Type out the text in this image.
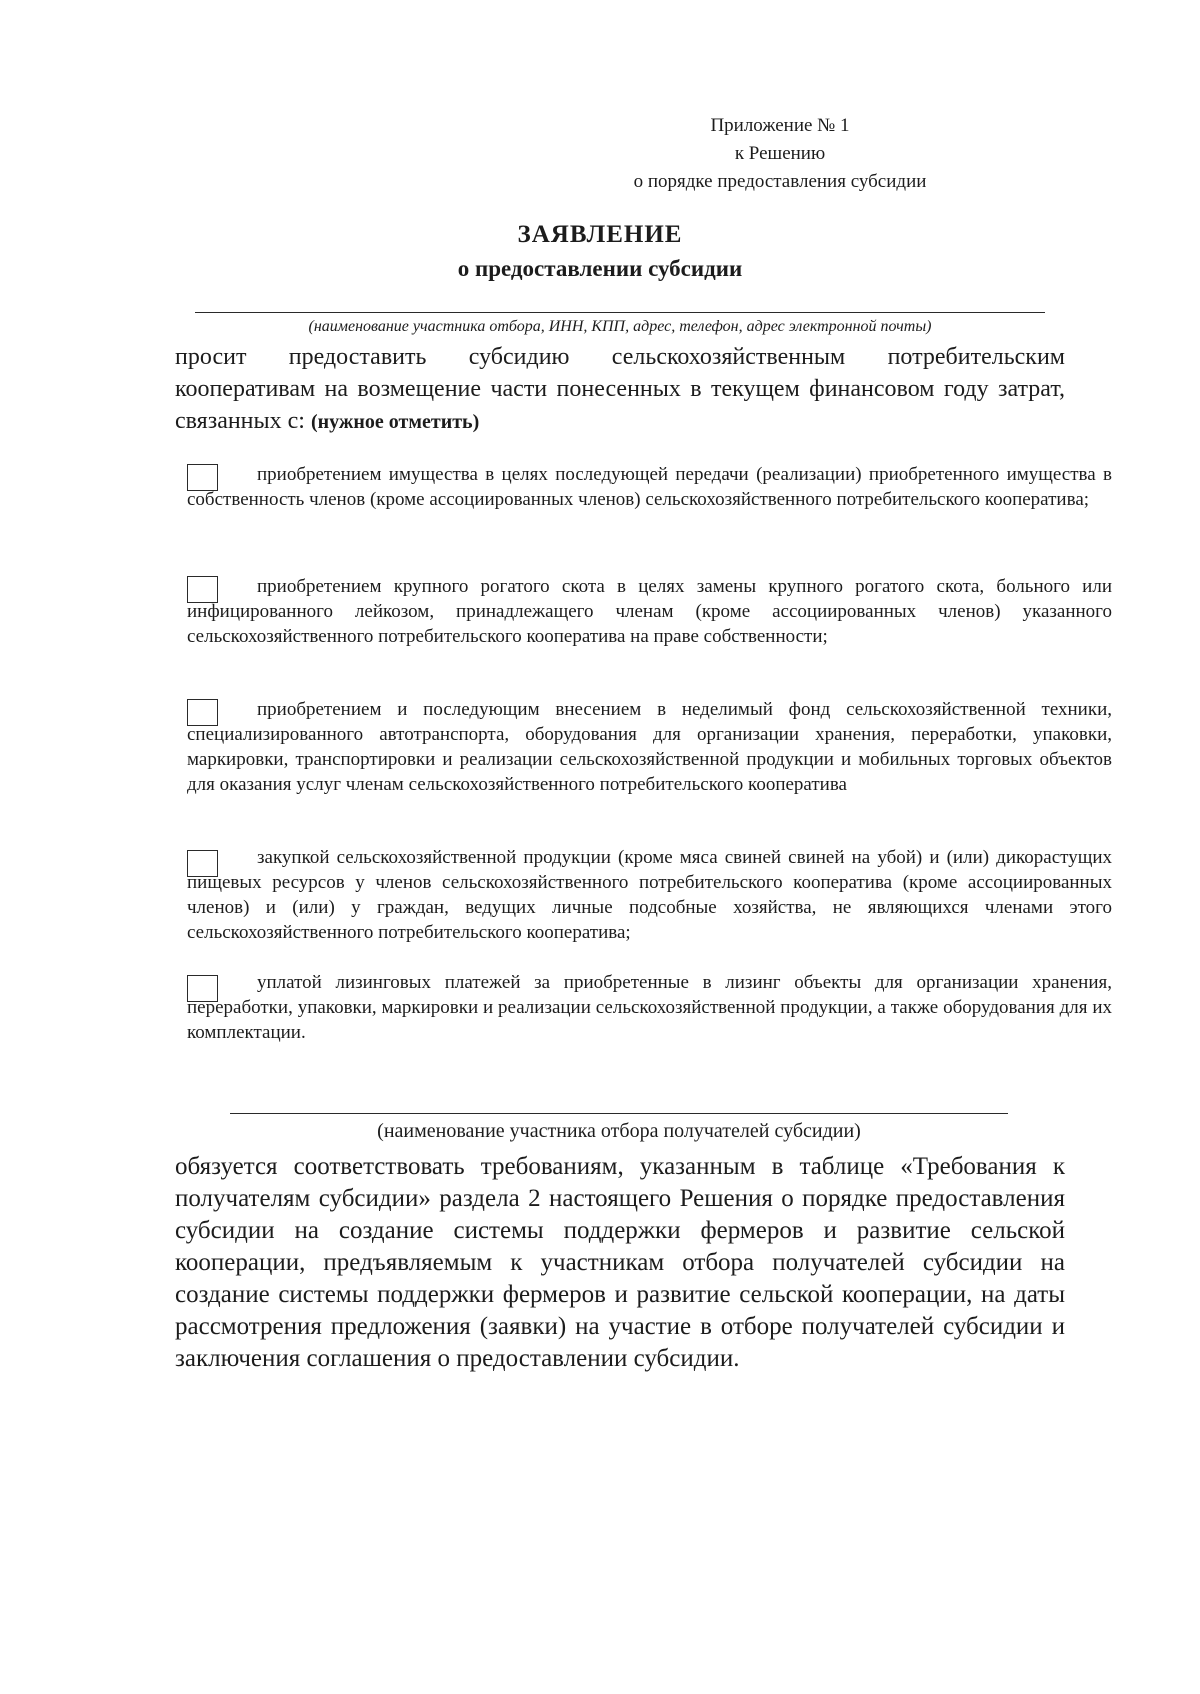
Приложение № 1
к Решению
о порядке предоставления субсидии
ЗАЯВЛЕНИЕ
о предоставлении субсидии
(наименование участника отбора, ИНН, КПП, адрес, телефон, адрес электронной почты)
просит предоставить субсидию сельскохозяйственным потребительским кооперативам на возмещение части понесенных в текущем финансовом году затрат, связанных с: (нужное отметить)
приобретением имущества в целях последующей передачи (реализации) приобретенного имущества в собственность членов (кроме ассоциированных членов) сельскохозяйственного потребительского кооператива;
приобретением крупного рогатого скота в целях замены крупного рогатого скота, больного или инфицированного лейкозом, принадлежащего членам (кроме ассоциированных членов) указанного сельскохозяйственного потребительского кооператива на праве собственности;
приобретением и последующим внесением в неделимый фонд сельскохозяйственной техники, специализированного автотранспорта, оборудования для организации хранения, переработки, упаковки, маркировки, транспортировки и реализации сельскохозяйственной продукции и мобильных торговых объектов для оказания услуг членам сельскохозяйственного потребительского кооператива
закупкой сельскохозяйственной продукции (кроме мяса свиней свиней на убой) и (или) дикорастущих пищевых ресурсов у членов сельскохозяйственного потребительского кооператива (кроме ассоциированных членов) и (или) у граждан, ведущих личные подсобные хозяйства, не являющихся членами этого сельскохозяйственного потребительского кооператива;
уплатой лизинговых платежей за приобретенные в лизинг объекты для организации хранения, переработки, упаковки, маркировки и реализации сельскохозяйственной продукции, а также оборудования для их комплектации.
(наименование участника отбора получателей субсидии)
обязуется соответствовать требованиям, указанным в таблице «Требования к получателям субсидии» раздела 2 настоящего Решения о порядке предоставления субсидии на создание системы поддержки фермеров и развитие сельской кооперации, предъявляемым к участникам отбора получателей субсидии на создание системы поддержки фермеров и развитие сельской кооперации, на даты рассмотрения предложения (заявки) на участие в отборе получателей субсидии и заключения соглашения о предоставлении субсидии.
